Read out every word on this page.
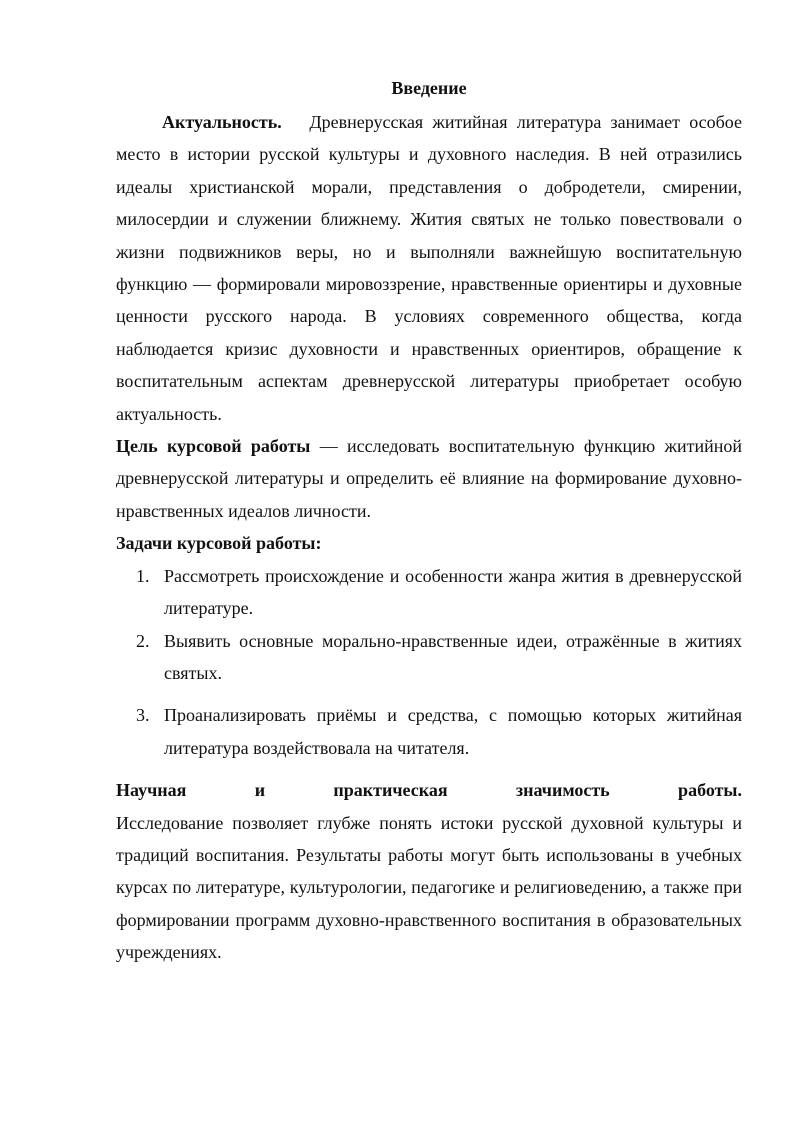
Введение

Актуальность. Древнерусская житийная литература занимает особое место в истории русской культуры и духовного наследия. В ней отразились идеалы христианской морали, представления о добродетели, смирении, милосердии и служении ближнему. Жития святых не только повествовали о жизни подвижников веры, но и выполняли важнейшую воспитательную функцию — формировали мировоззрение, нравственные ориентиры и духовные ценности русского народа. В условиях современного общества, когда наблюдается кризис духовности и нравственных ориентиров, обращение к воспитательным аспектам древнерусской литературы приобретает особую актуальность.

Цель курсовой работы — исследовать воспитательную функцию житийной древнерусской литературы и определить её влияние на формирование духовно-нравственных идеалов личности.

Задачи курсовой работы:
1. Рассмотреть происхождение и особенности жанра жития в древнерусской литературе.
2. Выявить основные морально-нравственные идеи, отражённые в житиях святых.
3. Проанализировать приёмы и средства, с помощью которых житийная литература воздействовала на читателя.

Научная и практическая значимость работы.

Исследование позволяет глубже понять истоки русской духовной культуры и традиций воспитания. Результаты работы могут быть использованы в учебных курсах по литературе, культурологии, педагогике и религиоведению, а также при формировании программ духовно-нравственного воспитания в образовательных учреждениях.
